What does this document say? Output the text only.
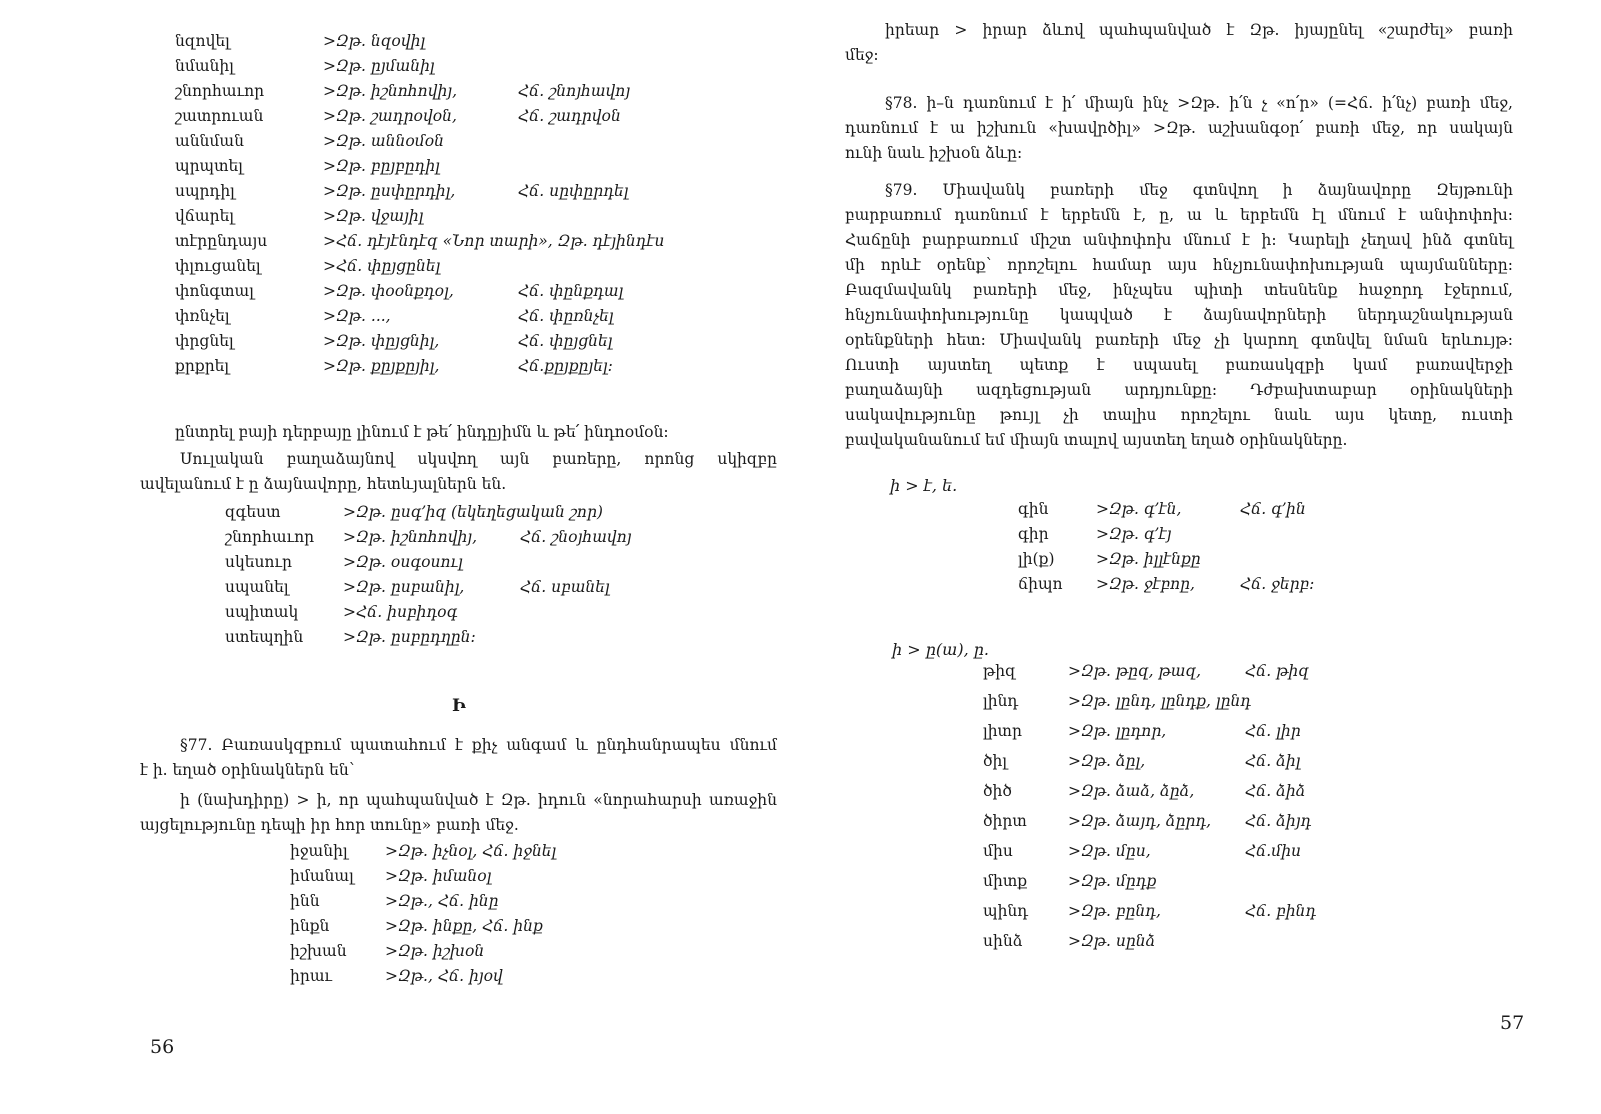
նզովել	>Զթ. նզօվիլ
նմանիլ	>Զթ. ըյմանիլ
շնորհաւոր	>Զթ. իշնոհովիյ,	Հճ. շնոյհավոյ
շատրուան	>Զթ. շադրօվօն,	Հճ. շադրվօն
աննման	>Զթ. աննօմօն
պրպտել	>Զթ. բըյբըդիլ
սպրդիլ	>Զթ. ըսփըրդիլ,	Հճ. սըփըրդել
վճարել	>Զթ. վջայիլ
տէրընդայս	>Հճ. դէյէնդէզ «Նոր տարի», Զթ. դէյինդէս
փլուցանել	>Հճ. փըյցընել
փոնգտալ	>Զթ. փօօնքդօլ,	Հճ. փընքդալ
փռնչել	>Զթ. ...,	Հճ. փըռնչել
փրցնել	>Զթ. փըյցնիլ,	Հճ. փըյցնել
քրքրել	>Զթ. քըյքըյիլ,	Հճ.քըյքըյել:
ընտրել բայի դերբայը լինում է թե՛ ինդըյիմն և թե՛ ինդոօմօն:
Սուլական բաղաձայնով սկսվող այն բառերը, որոնց սկիզբը
ավելանում է ը ձայնավորը, հետևյալներն են.
զգեստ	>Զթ. ըսգ՚իզ (եկեղեցական շոր)
շնորհաւոր >Զթ. իշնոհովիյ,	Հճ. շնօյհավոյ
սկեսուր	>Զթ. օսգօսուլ
սպանել	>Զթ. ըսբանիլ,	Հճ. սբանել
սպիտակ	>Հճ. իսբիդօգ
ստեպղին	>Զթ. ըսբըդղըն:
Ի
§77. Բառասկզբում պատահում է քիչ անգամ և ընդհանրապես մնում
է ի. եղած օրինակներն են՝
ի (նախդիրը) > ի, որ պահպանված է Զթ. իդուն «նորահարսի առաջին
այցելությունը դեպի իր հոր տունը» բառի մեջ.
իջանիլ >Զթ. իչնօլ, Հճ. իջնել
իմանալ >Զթ. իմանօլ
ինն	>Զթ., Հճ. ինը
ինքն	>Զթ. ինքը, Հճ. ինք
իշխան >Զթ. իշխօն
իրաւ	>Զթ., Հճ. իյօվ
56
իրեար > իրար ձևով պահպանված է Զթ. իյայընել «շարժել» բառի
մեջ:
§78. ի–ն դառնում է ի՛ միայն ինչ >Զթ. ի՛ն չ «ո՛ր» (=Հճ. ի՛նչ) բառի մեջ,
դառնում է ա իշխուն «խավրծիլ» >Զթ. աշխանգօր՛ բառի մեջ, որ սակայն
ունի նաև իշխօն ձևը:
§79. Միավանկ բառերի մեջ գտնվող ի ձայնավորը Զեյթունի
բարբառում դառնում է երբեմն է, ը, ա և երբեմն էլ մնում է անփոփոխ:
Հաճընի բարբառում միշտ անփոփոխ մնում է ի: Կարելի չեղավ ինձ գտնել
մի որևէ օրենք՝ որոշելու համար այս հնչյունափոխության պայմանները:
Բազմավանկ բառերի մեջ, ինչպես պիտի տեսնենք հաջորդ էջերում,
հնչյունափոխությունը կապված է ձայնավորների ներդաշնակության
օրենքների հետ: Միավանկ բառերի մեջ չի կարող գտնվել նման երևույթ:
Ուստի այստեղ պետք է սպասել բառասկզբի կամ բառավերջի
բաղաձայնի ազդեցության արդյունքը: Դժբախտաբար օրինակների
սակավությունը թույլ չի տալիս որոշելու նաև այս կետը, ուստի
բավականանում եմ միայն տալով այստեղ եղած օրինակները.
ի > է, ե.
գին	>Զթ. գ՚էն,	Հճ. գ՚ին
գիր	>Զթ. գ՚էյ
լի(ք)	>Զթ. իլլէնքը
ճիպո >Զթ. ջէբոը,	Հճ. ջերբ:
ի > ը(ա), ը.
թիզ	>Զթ. թըզ, թազ,	Հճ. թիզ
լինդ	>Զթ. լընդ, լընդք, լընդ
լիտր	>Զթ. լըդոր,	Հճ. լիր
ծիլ	>Զթ. ձըլ,	Հճ. ձիլ
ծիծ	>Զթ. ձաձ, ձըձ,	Հճ. ձիձ
ծիրտ	>Զթ. ձայդ, ձըրդ, Հճ. ձիյդ
միս	>Զթ. մըս,	Հճ.միս
միտք	>Զթ. մըդք
պինդ	>Զթ. բընդ,	Հճ. բինդ
սինձ	>Զթ. սընձ
57
